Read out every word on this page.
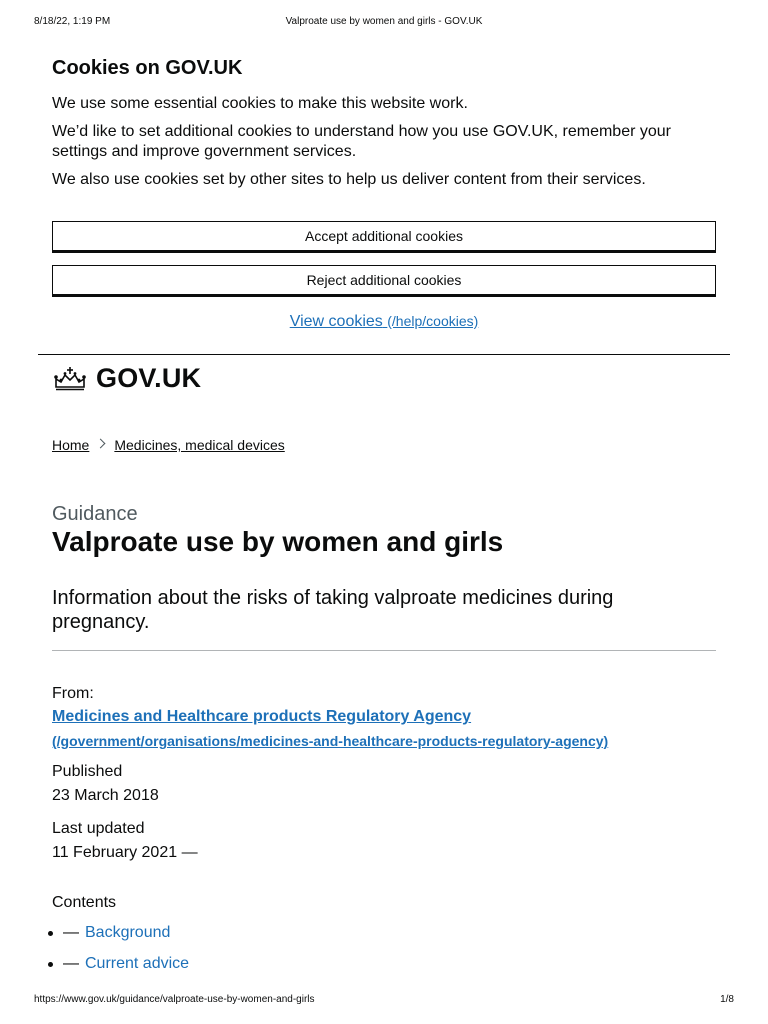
8/18/22, 1:19 PM	Valproate use by women and girls - GOV.UK
Cookies on GOV.UK

We use some essential cookies to make this website work.

We’d like to set additional cookies to understand how you use GOV.UK, remember your settings and improve government services.

We also use cookies set by other sites to help us deliver content from their services.

Accept additional cookies
Reject additional cookies
View cookies (/help/cookies)
GOV.UK
Home Medicines, medical devices
Guidance
Valproate use by women and girls

Information about the risks of taking valproate medicines during pregnancy.

From:
Medicines and Healthcare products Regulatory Agency
(/government/organisations/medicines-and-healthcare-products-regulatory-agency)
Published
23 March 2018
Last updated
11 February 2021 —
Contents
— Background
— Current advice
https://www.gov.uk/guidance/valproate-use-by-women-and-girls	1/8
